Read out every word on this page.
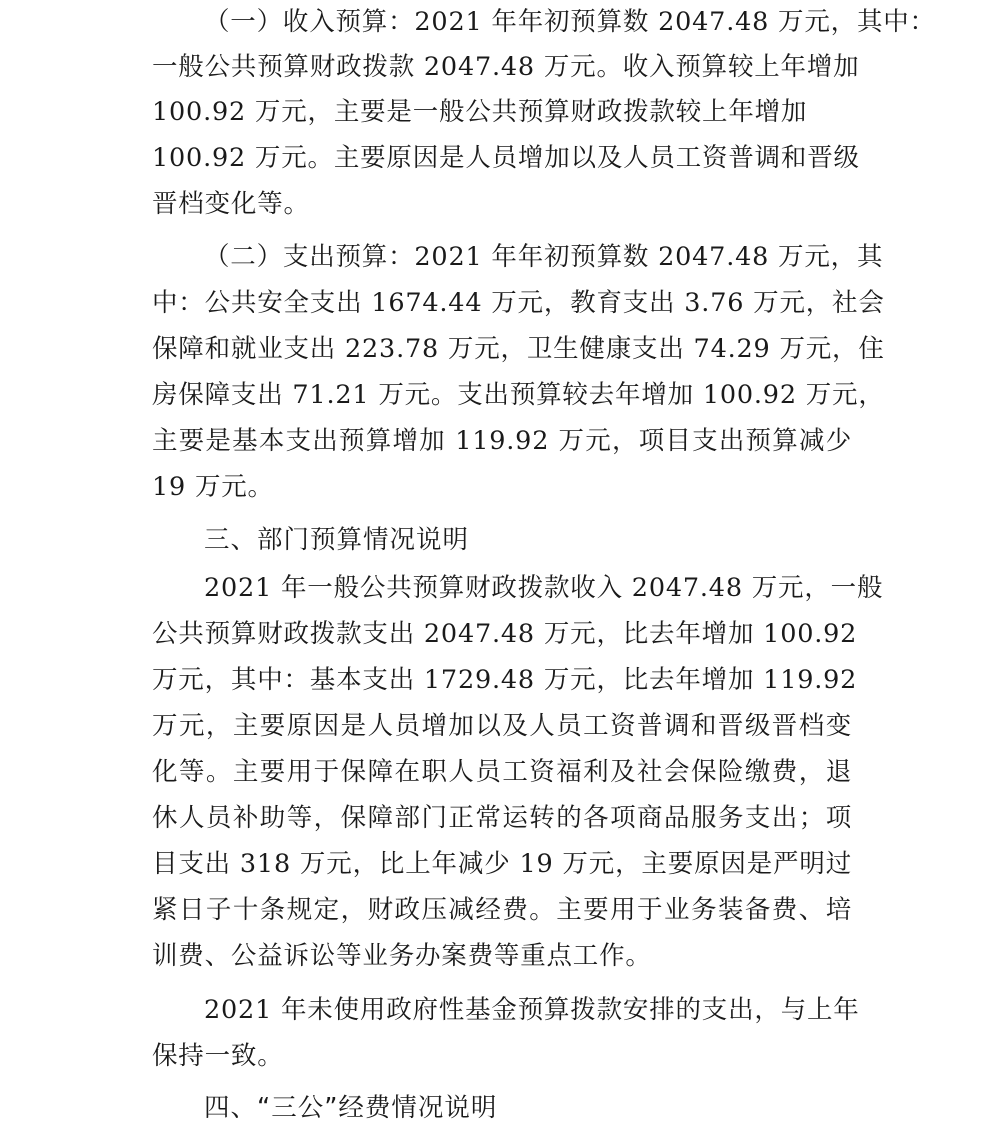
（一）收入预算：2021 年年初预算数 2047.48 万元，其中：
一般公共预算财政拨款 2047.48 万元。收入预算较上年增加
100.92 万元，主要是一般公共预算财政拨款较上年增加
100.92 万元。主要原因是人员增加以及人员工资普调和晋级
晋档变化等。
（二）支出预算：2021 年年初预算数 2047.48 万元，其
中：公共安全支出 1674.44 万元，教育支出 3.76 万元，社会
保障和就业支出 223.78 万元，卫生健康支出 74.29 万元，住
房保障支出 71.21 万元。支出预算较去年增加 100.92 万元，
主要是基本支出预算增加 119.92 万元，项目支出预算减少
19 万元。
三、部门预算情况说明
2021 年一般公共预算财政拨款收入 2047.48 万元，一般
公共预算财政拨款支出 2047.48 万元，比去年增加 100.92
万元，其中：基本支出 1729.48 万元，比去年增加 119.92
万元，主要原因是人员增加以及人员工资普调和晋级晋档变
化等。主要用于保障在职人员工资福利及社会保险缴费，退
休人员补助等，保障部门正常运转的各项商品服务支出；项
目支出 318 万元，比上年减少 19 万元，主要原因是严明过
紧日子十条规定，财政压减经费。主要用于业务装备费、培
训费、公益诉讼等业务办案费等重点工作。
2021 年未使用政府性基金预算拨款安排的支出，与上年
保持一致。
四、“三公”经费情况说明
